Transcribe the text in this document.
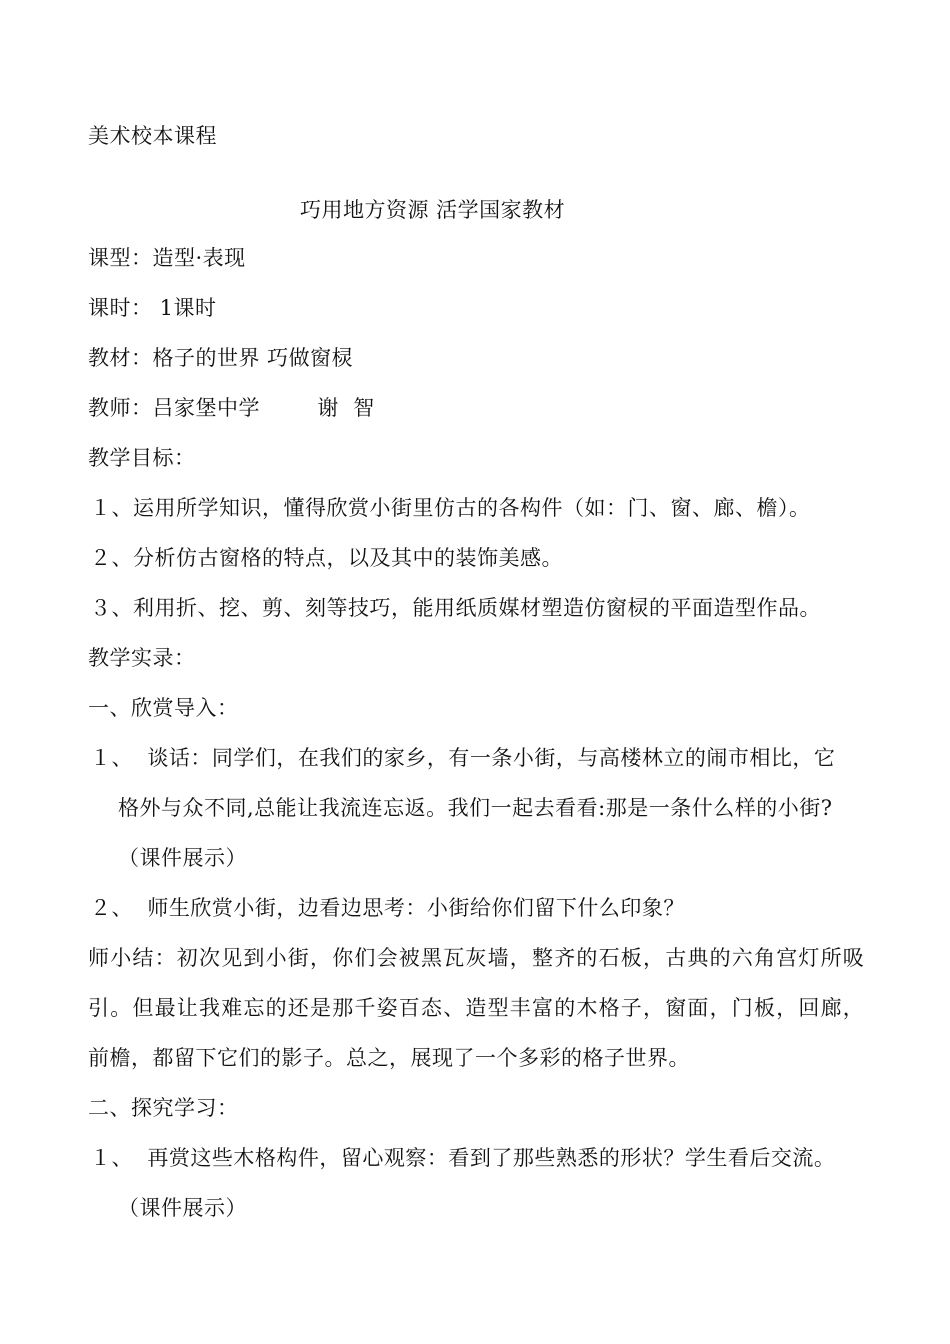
美术校本课程
巧用地方资源 活学国家教材
课型：造型·表现
课时： 1课时
教材：格子的世界 巧做窗棂
教师：吕家堡中学        谢  智
教学目标：
１、运用所学知识，懂得欣赏小街里仿古的各构件（如：门、窗、廊、檐）。
２、分析仿古窗格的特点，以及其中的装饰美感。
３、利用折、挖、剪、刻等技巧，能用纸质媒材塑造仿窗棂的平面造型作品。
教学实录：
一、欣赏导入：
１、  谈话：同学们，在我们的家乡，有一条小街，与高楼林立的闹市相比，它
格外与众不同,总能让我流连忘返。我们一起去看看:那是一条什么样的小街?
（课件展示）
２、  师生欣赏小街，边看边思考：小街给你们留下什么印象？
师小结：初次见到小街，你们会被黑瓦灰墙，整齐的石板，古典的六角宫灯所吸
引。但最让我难忘的还是那千姿百态、造型丰富的木格子，窗面，门板，回廊，
前檐，都留下它们的影子。总之，展现了一个多彩的格子世界。
二、探究学习：
１、  再赏这些木格构件，留心观察：看到了那些熟悉的形状？学生看后交流。
（课件展示）
